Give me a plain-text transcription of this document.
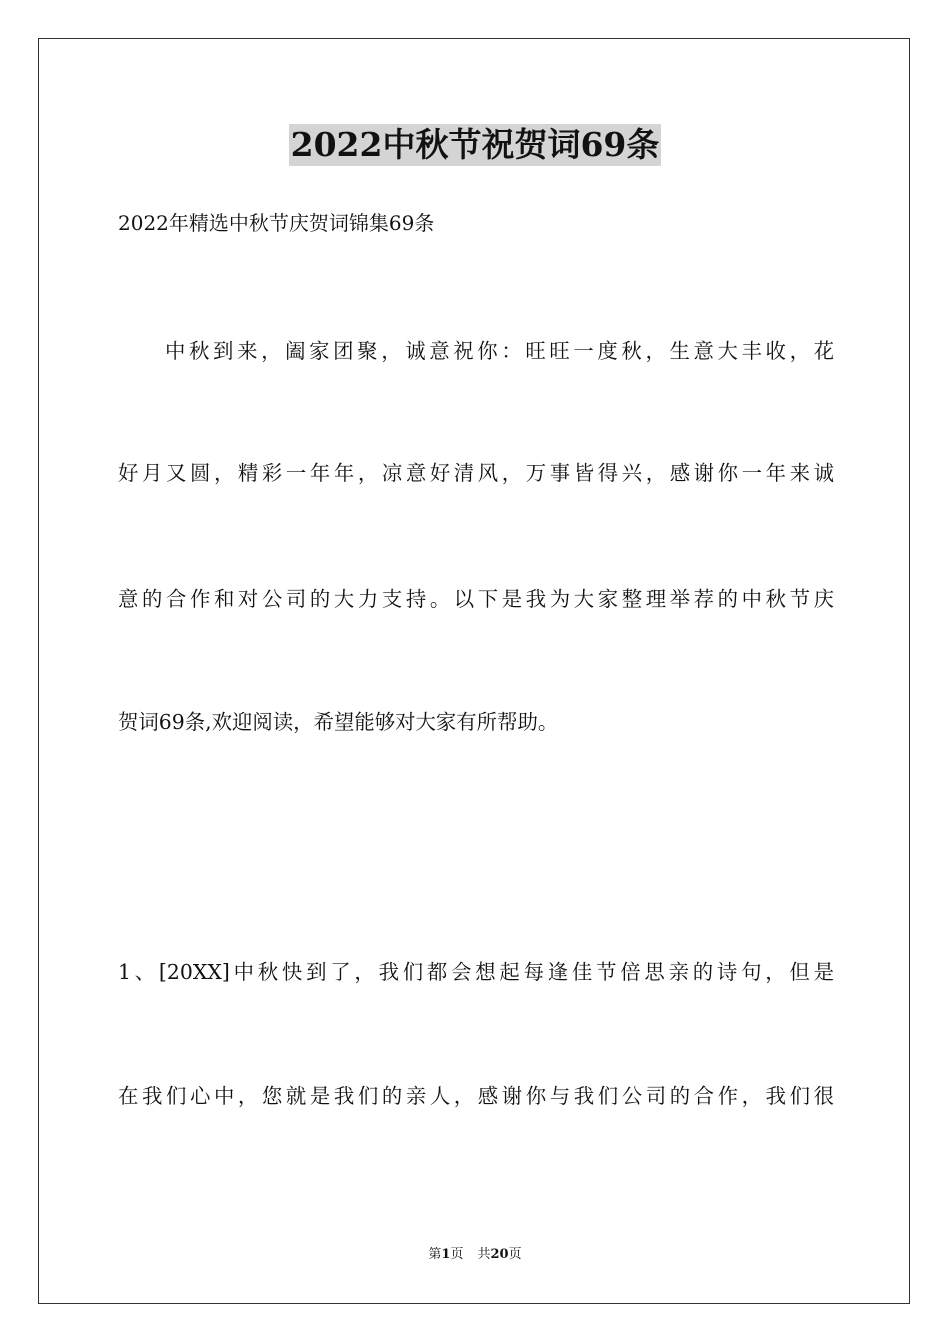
2022中秋节祝贺词69条
2022年精选中秋节庆贺词锦集69条
中秋到来，阖家团聚，诚意祝你：旺旺一度秋，生意大丰收，花
好月又圆，精彩一年年，凉意好清风，万事皆得兴，感谢你一年来诚
意的合作和对公司的大力支持。以下是我为大家整理举荐的中秋节庆
贺词69条,欢迎阅读，希望能够对大家有所帮助。
1、[20XX]中秋快到了，我们都会想起每逢佳节倍思亲的诗句，但是
在我们心中，您就是我们的亲人，感谢你与我们公司的合作，我们很
第1页 共20页
